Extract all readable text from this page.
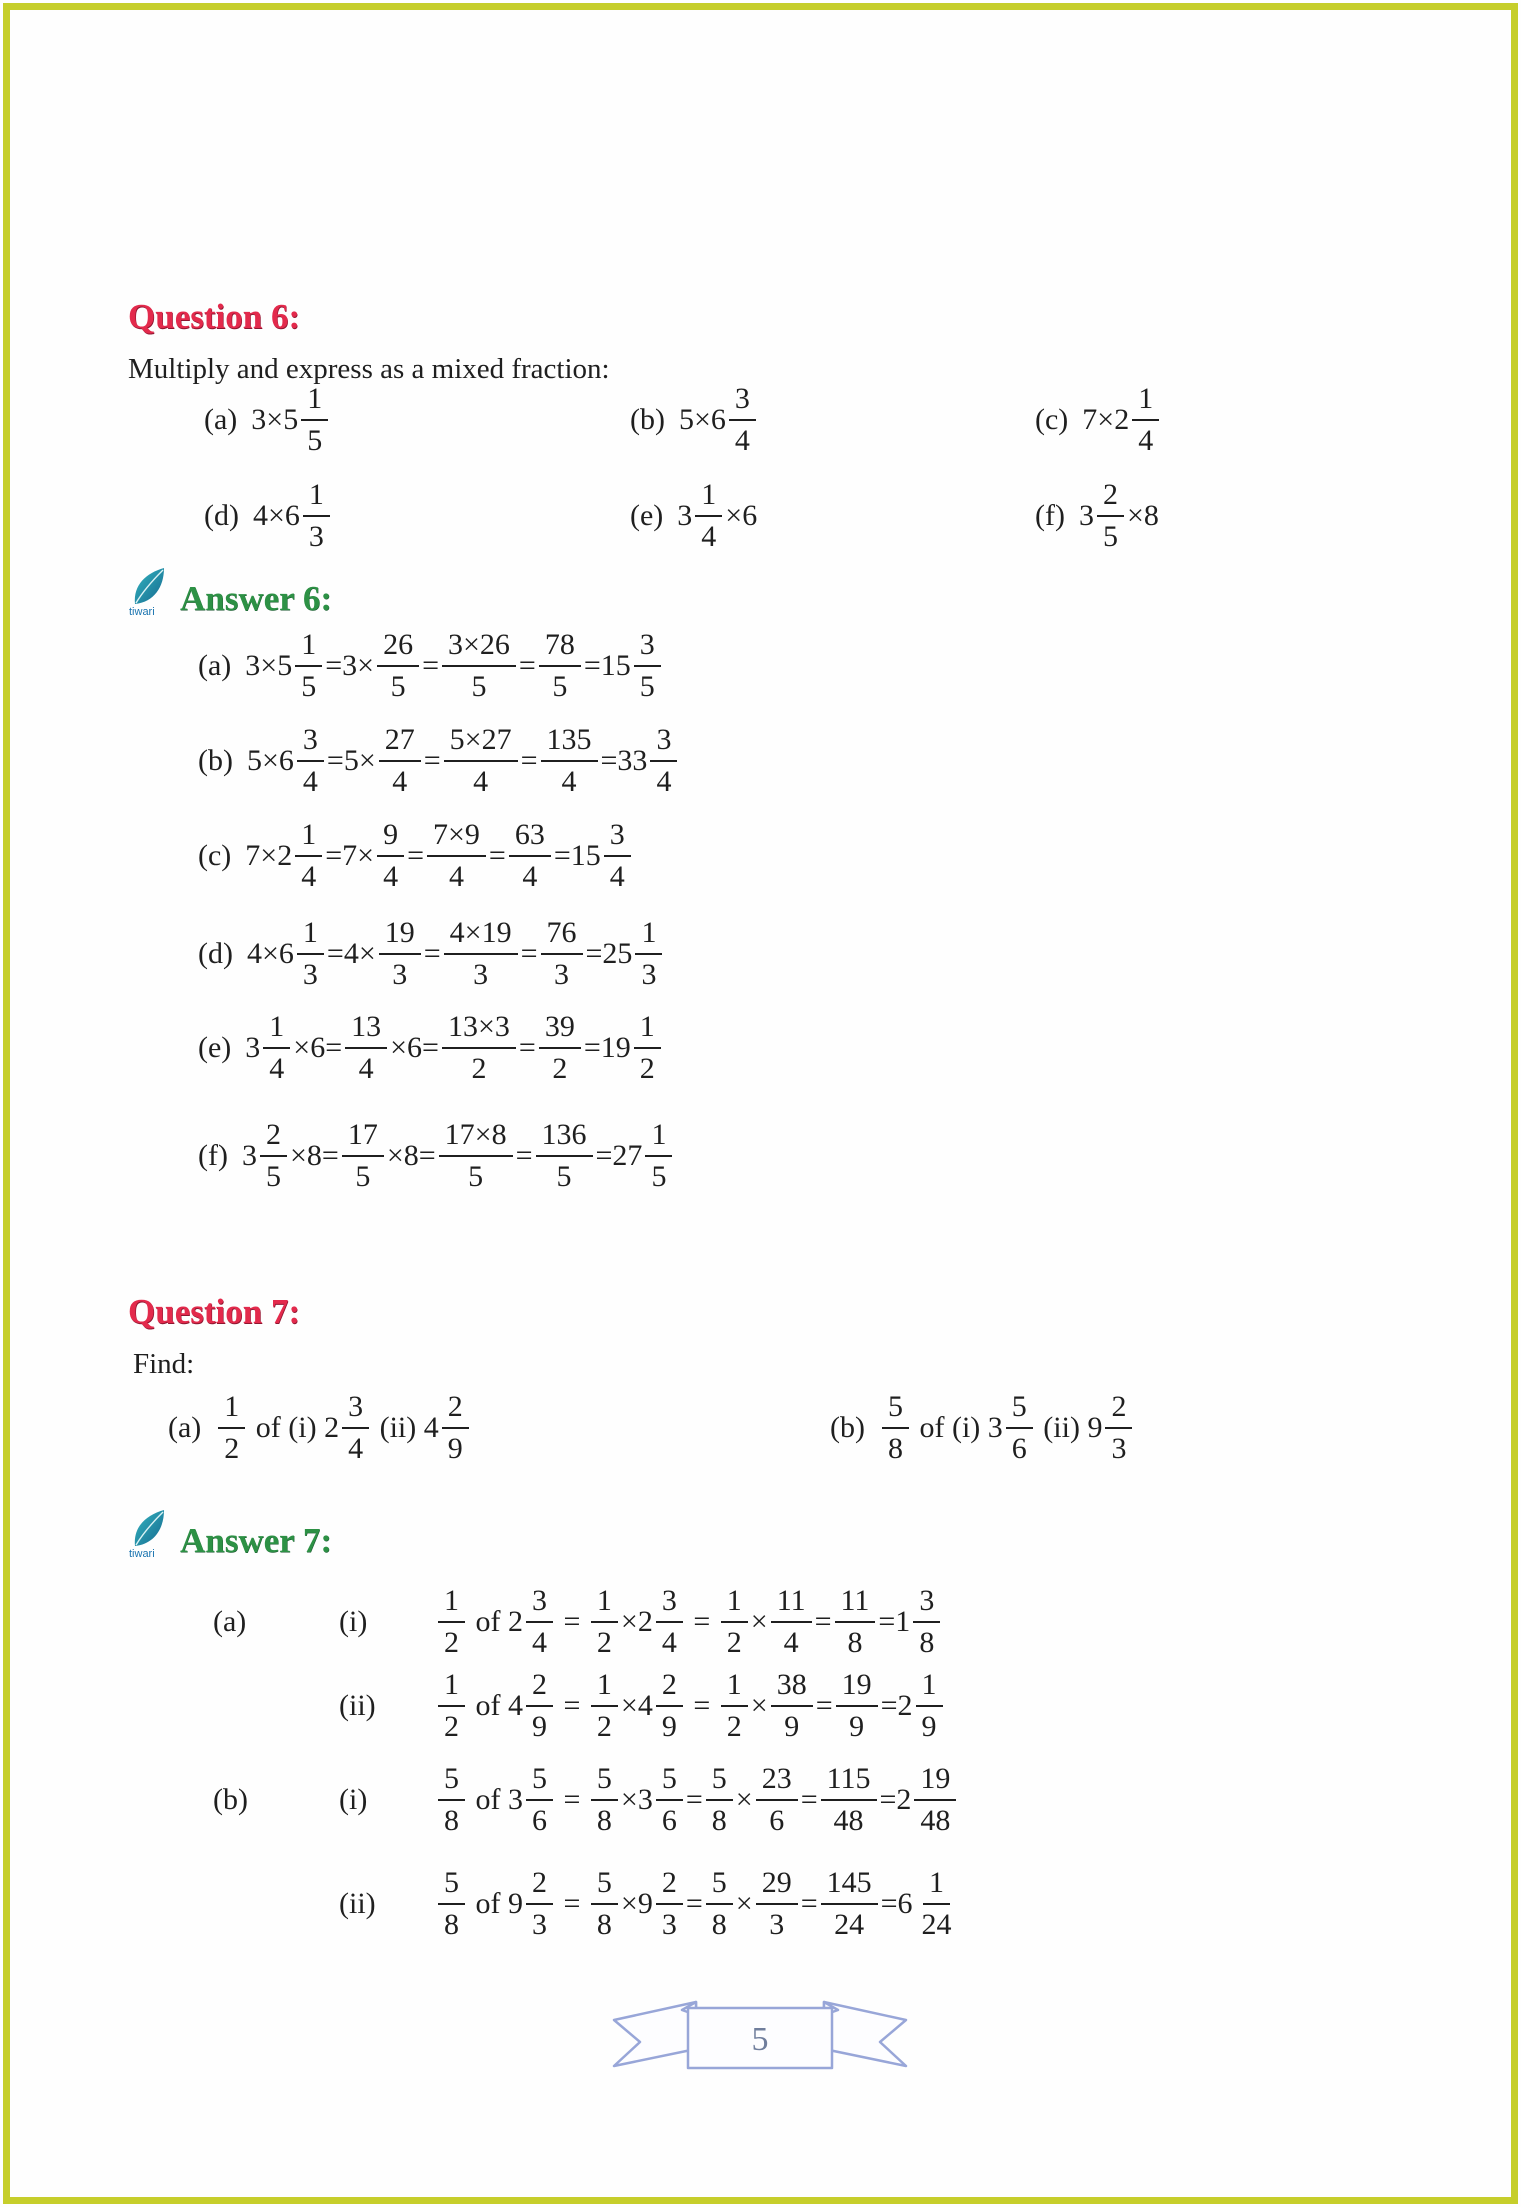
Question 6:
Multiply and express as a mixed fraction:
(a) $3\times 5 \frac{1}{5}$	(b) $5\times 6 \frac{3}{4}$	(c) $7\times 2 \frac{1}{4}$
(d) $4\times 6 \frac{1}{3}$	(e) $3 \frac{1}{4} \times 6$	(f) $3 \frac{2}{5} \times 8$
tiwari Answer 6:
(a) $3\times 5 \frac{1}{5} =3\times \frac{26}{5} = \frac{3\times 26}{5} = \frac{78}{5} =15 \frac{3}{5}$
(b) $5\times 6 \frac{3}{4} =5\times \frac{27}{4} = \frac{5\times 27}{4} = \frac{135}{4} =33 \frac{3}{4}$
(c) $7\times 2 \frac{1}{4} =7\times \frac{9}{4} = \frac{7\times 9}{4} = \frac{63}{4} =15 \frac{3}{4}$
(d) $4\times 6 \frac{1}{3} =4\times \frac{19}{3} = \frac{4\times 19}{3} = \frac{76}{3} =25 \frac{1}{3}$
(e) $3 \frac{1}{4} \times 6= \frac{13}{4} \times 6= \frac{13\times 3}{2} = \frac{39}{2} =19 \frac{1}{2}$
(f) $3 \frac{2}{5} \times 8= \frac{17}{5} \times 8= \frac{17\times 8}{5} = \frac{136}{5} =27 \frac{1}{5}$
Question 7:
Find:
$(a) \frac{1}{2}$ of (i) $2 \frac{3}{4} (ii)$ $4 \frac{2}{9}$	$(b) \frac{5}{8}$ of (i) $3 \frac{5}{6} (ii)$ $9 \frac{2}{3}$
tiwari Answer 7:
(a)	(i)	$\frac{1}{2}$ of $2 \frac{3}{4} = \frac{1}{2} \times 2 \frac{3}{4} = \frac{1}{2} \times \frac{11}{4} = \frac{11}{8} =1 \frac{3}{8}$
(ii)	$\frac{1}{2}$ of $4 \frac{2}{9} = \frac{1}{2} \times 4 \frac{2}{9} = \frac{1}{2} \times \frac{38}{9} = \frac{19}{9} =2 \frac{1}{9}$
(b)	(i)	$\frac{5}{8}$ of $3 \frac{5}{6} = \frac{5}{8} \times 3 \frac{5}{6} = \frac{5}{8} \times \frac{23}{6} = \frac{115}{48} =2 \frac{19}{48}$
(ii)	$\frac{5}{8}$ of $9 \frac{2}{3} = \frac{5}{8} \times 9 \frac{2}{3} = \frac{5}{8} \times \frac{29}{3} = \frac{145}{24} =6 \frac{1}{24}$
5
